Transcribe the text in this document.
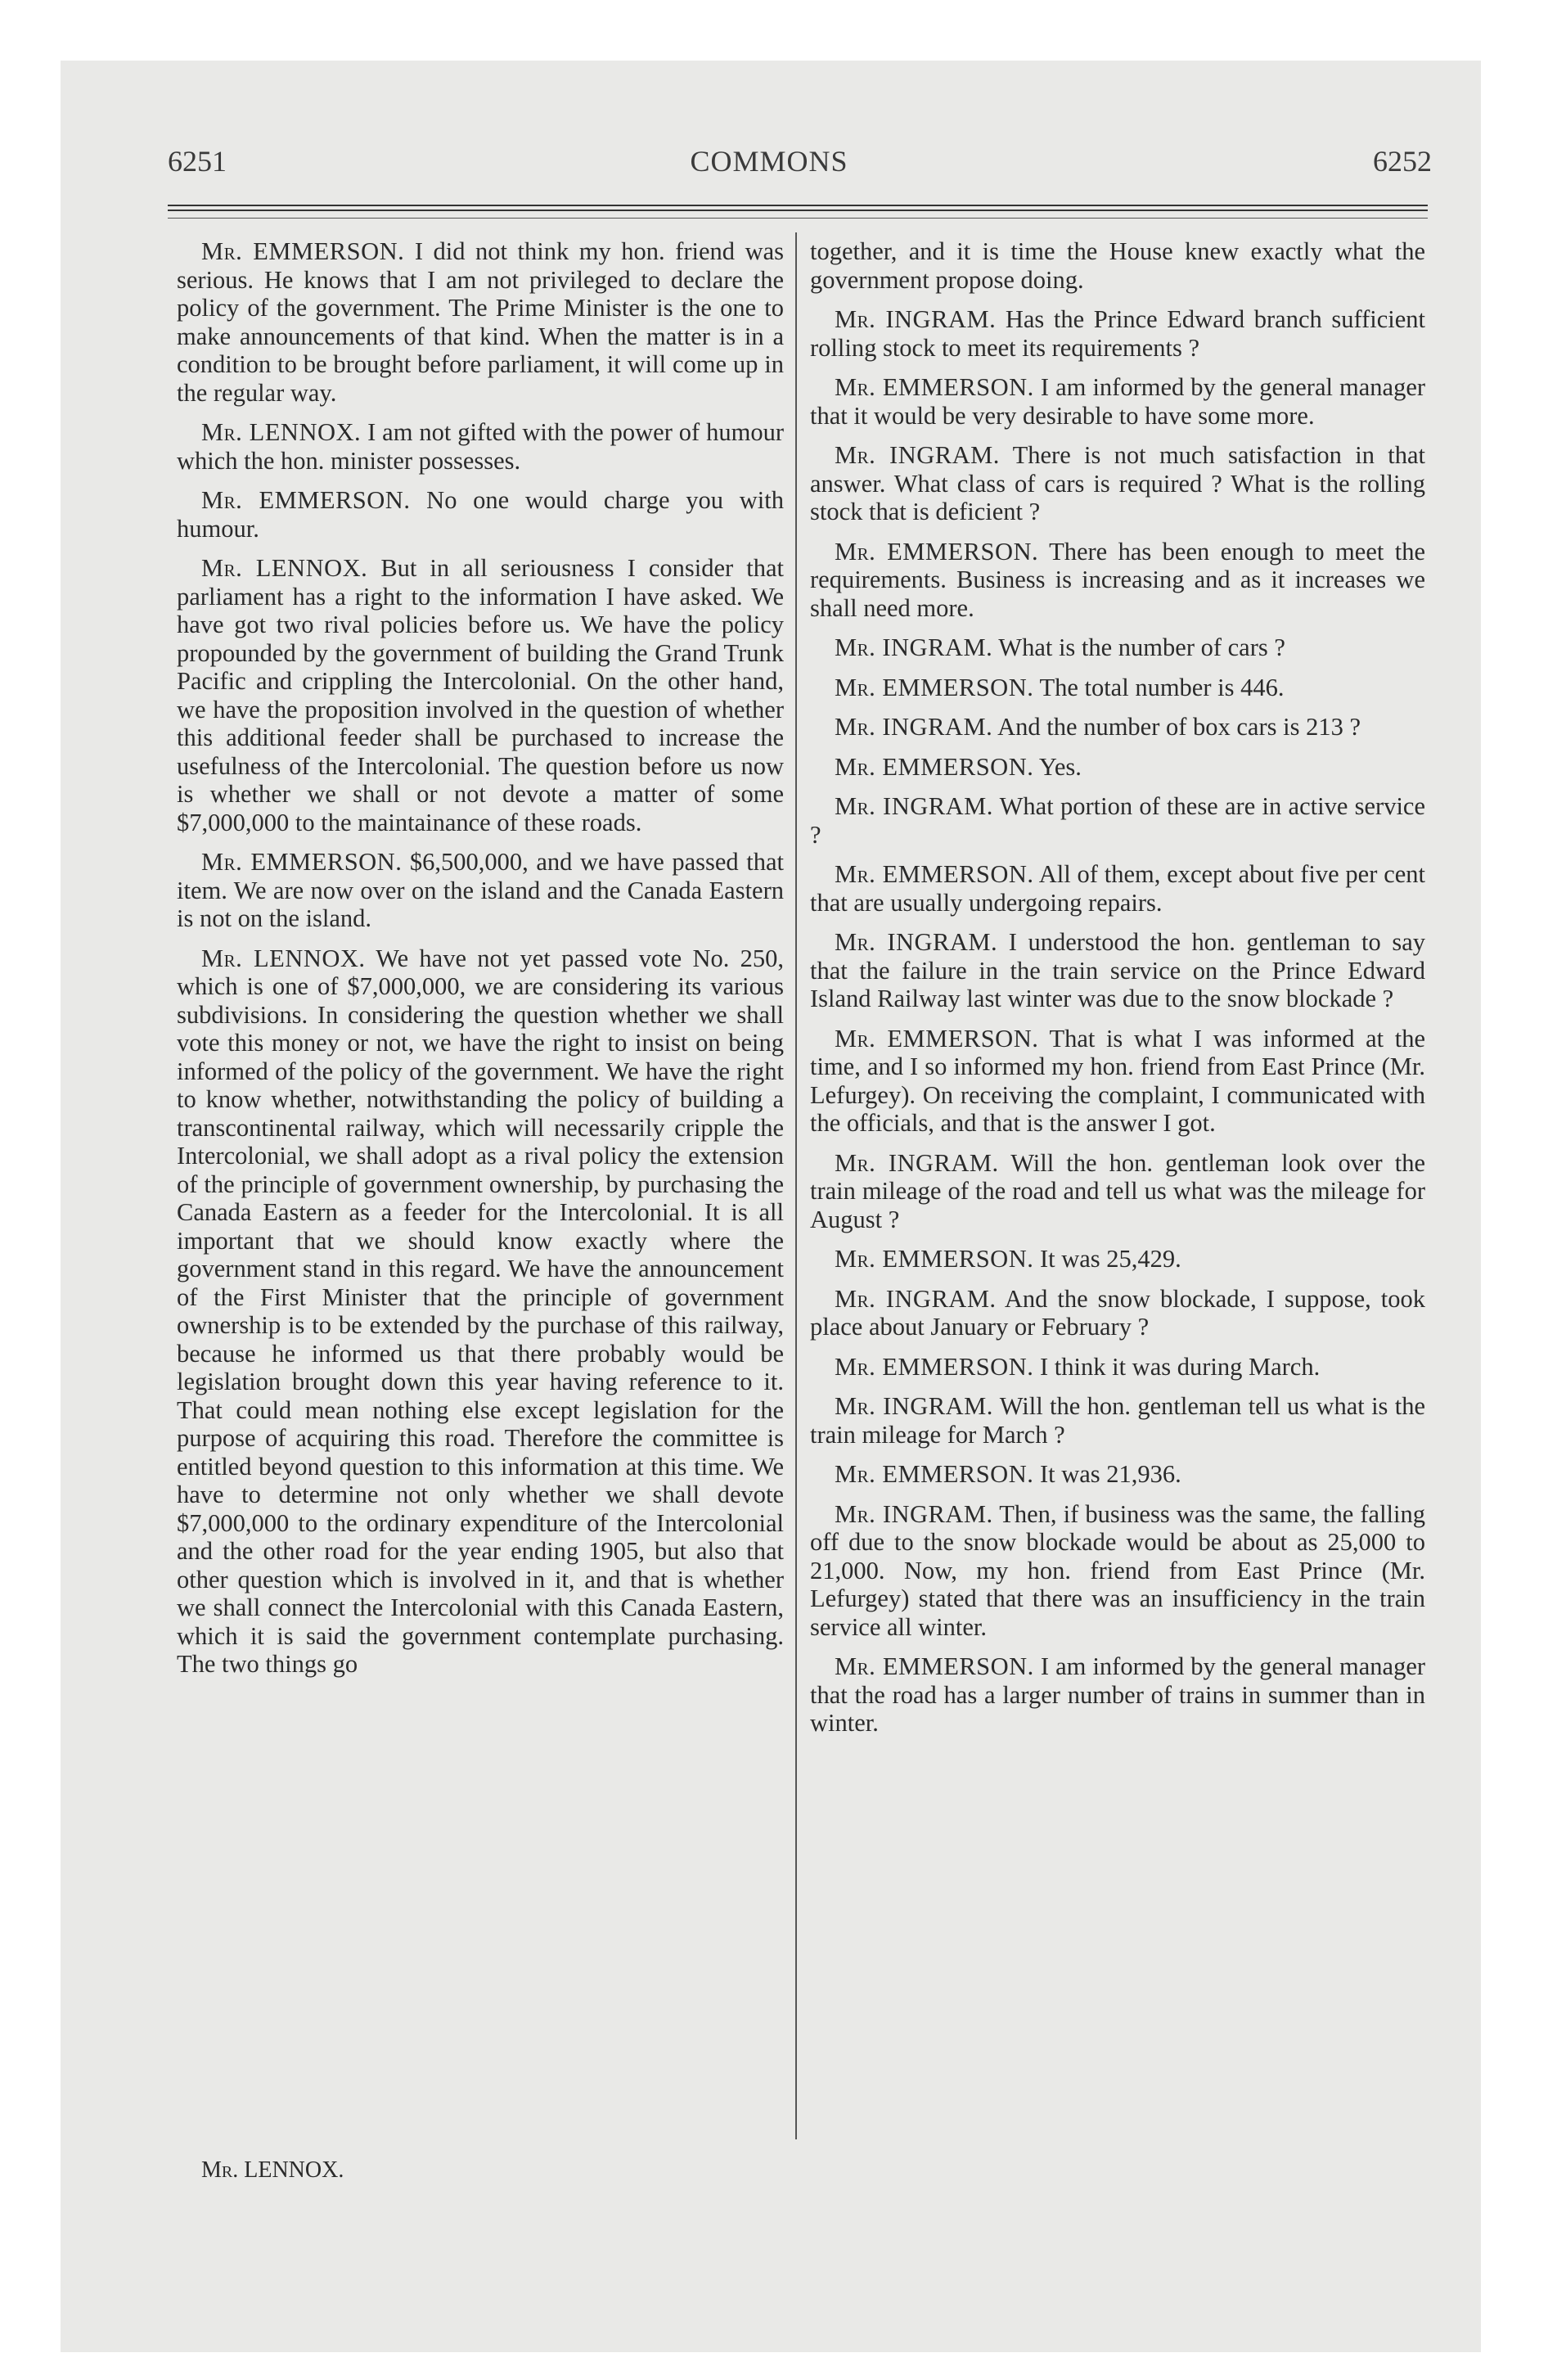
6251	COMMONS	6252

Mr. EMMERSON. I did not think my hon. friend was serious. He knows that I am not privileged to declare the policy of the government. The Prime Minister is the one to make announcements of that kind. When the matter is in a condition to be brought before parliament, it will come up in the regular way.

Mr. LENNOX. I am not gifted with the power of humour which the hon. minister possesses.

Mr. EMMERSON. No one would charge you with humour.

Mr. LENNOX. But in all seriousness I consider that parliament has a right to the information I have asked. We have got two rival policies before us. We have the policy propounded by the government of building the Grand Trunk Pacific and crippling the Intercolonial. On the other hand, we have the proposition involved in the question of whether this additional feeder shall be purchased to increase the usefulness of the Intercolonial. The question before us now is whether we shall or not devote a matter of some $7,000,000 to the maintainance of these roads.

Mr. EMMERSON. $6,500,000, and we have passed that item. We are now over on the island and the Canada Eastern is not on the island.

Mr. LENNOX. We have not yet passed vote No. 250, which is one of $7,000,000, we are considering its various subdivisions. In considering the question whether we shall vote this money or not, we have the right to insist on being informed of the policy of the government. We have the right to know whether, notwithstanding the policy of building a transcontinental railway, which will necessarily cripple the Intercolonial, we shall adopt as a rival policy the extension of the principle of government ownership, by purchasing the Canada Eastern as a feeder for the Intercolonial. It is all important that we should know exactly where the government stand in this regard. We have the announcement of the First Minister that the principle of government ownership is to be extended by the purchase of this railway, because he informed us that there probably would be legislation brought down this year having reference to it. That could mean nothing else except legislation for the purpose of acquiring this road. Therefore the committee is entitled beyond question to this information at this time. We have to determine not only whether we shall devote $7,000,000 to the ordinary expenditure of the Intercolonial and the other road for the year ending 1905, but also that other question which is involved in it, and that is whether we shall connect the Intercolonial with this Canada Eastern, which it is said the government contemplate purchasing. The two things go

together, and it is time the House knew exactly what the government propose doing.

Mr. INGRAM. Has the Prince Edward branch sufficient rolling stock to meet its requirements ?

Mr. EMMERSON. I am informed by the general manager that it would be very desirable to have some more.

Mr. INGRAM. There is not much satisfaction in that answer. What class of cars is required ? What is the rolling stock that is deficient ?

Mr. EMMERSON. There has been enough to meet the requirements. Business is increasing and as it increases we shall need more.

Mr. INGRAM. What is the number of cars ?

Mr. EMMERSON. The total number is 446.

Mr. INGRAM. And the number of box cars is 213 ?

Mr. EMMERSON. Yes.

Mr. INGRAM. What portion of these are in active service ?

Mr. EMMERSON. All of them, except about five per cent that are usually undergoing repairs.

Mr. INGRAM. I understood the hon. gentleman to say that the failure in the train service on the Prince Edward Island Railway last winter was due to the snow blockade ?

Mr. EMMERSON. That is what I was informed at the time, and I so informed my hon. friend from East Prince (Mr. Lefurgey). On receiving the complaint, I communicated with the officials, and that is the answer I got.

Mr. INGRAM. Will the hon. gentleman look over the train mileage of the road and tell us what was the mileage for August ?

Mr. EMMERSON. It was 25,429.

Mr. INGRAM. And the snow blockade, I suppose, took place about January or February ?

Mr. EMMERSON. I think it was during March.

Mr. INGRAM. Will the hon. gentleman tell us what is the train mileage for March ?

Mr. EMMERSON. It was 21,936.

Mr. INGRAM. Then, if business was the same, the falling off due to the snow blockade would be about as 25,000 to 21,000. Now, my hon. friend from East Prince (Mr. Lefurgey) stated that there was an insufficiency in the train service all winter.

Mr. EMMERSON. I am informed by the general manager that the road has a larger number of trains in summer than in winter.

Mr. LENNOX.
